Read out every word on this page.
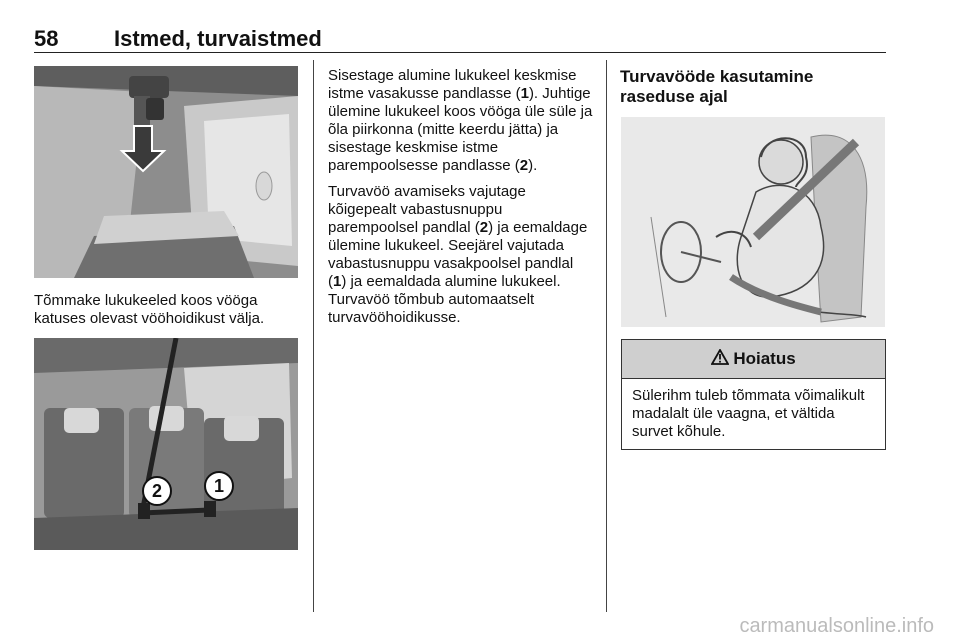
58	Istmed, turvaistmed

Tõmmake lukukeeled koos vööga katuses olevast vööhoidikust välja.

2	1

Sisestage alumine lukukeel keskmise istme vasakusse pandlasse (1). Juhtige ülemine lukukeel koos vööga üle süle ja õla piirkonna (mitte keerdu jätta) ja sisestage keskmise istme parempoolsesse pandlasse (2).

Turvavöö avamiseks vajutage kõigepealt vabastusnuppu parempoolsel pandlal (2) ja eemaldage ülemine lukukeel. Seejärel vajutada vabastusnuppu vasakpoolsel pandlal (1) ja eemaldada alumine lukukeel. Turvavöö tõmbub automaatselt turvavööhoidikusse.

Turvavööde kasutamine raseduse ajal
Hoiatus
Sülerihm tuleb tõmmata võimalikult madalalt üle vaagna, et vältida survet kõhule.
carmanualsonline.info
